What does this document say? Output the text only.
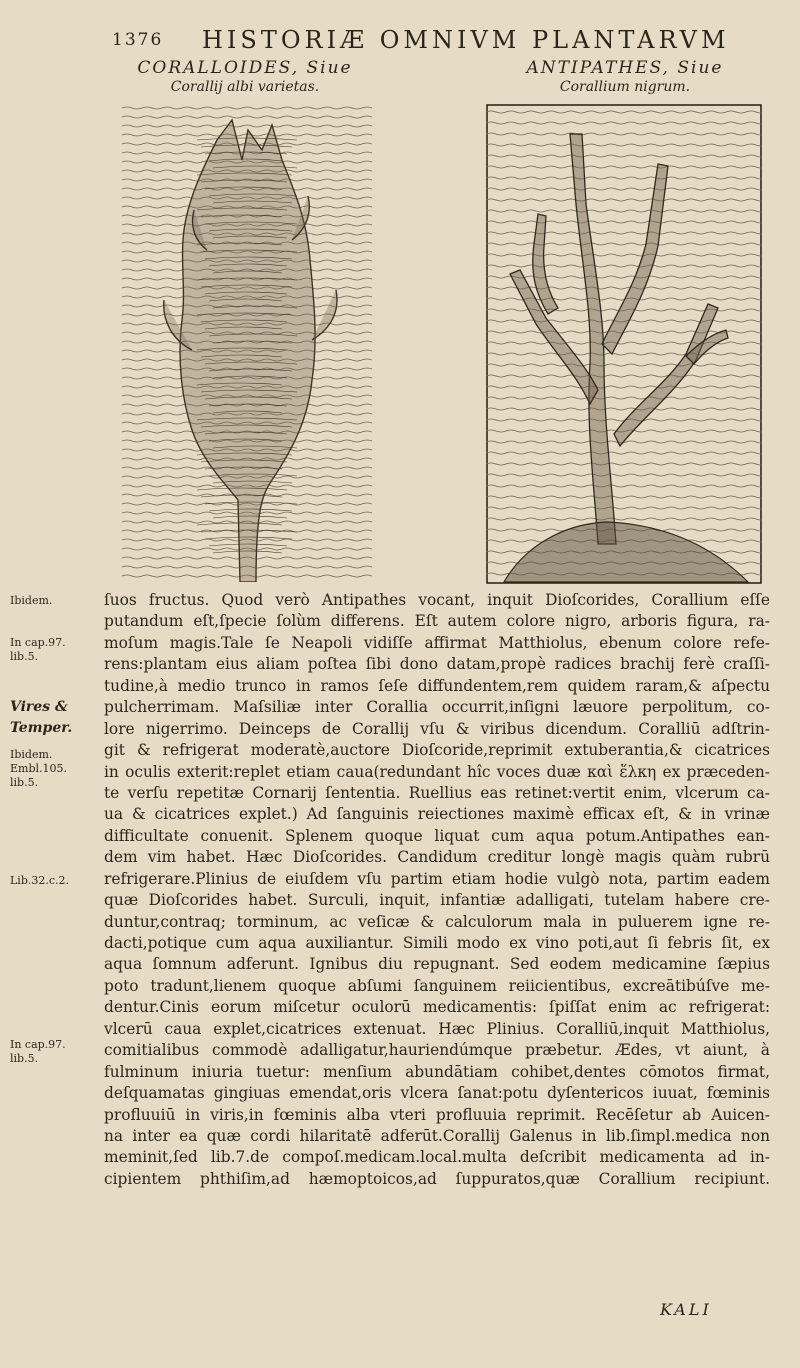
1376 HISTORIÆ OMNIVM PLANTARVM
CORALLOIDES, Siue
Corallij albi varietas.
ANTIPATHES, Siue
Corallium nigrum.
Ibidem.
In cap.97.
lib.5.
Vires &
Temper.
Ibidem.
Embl.105.
lib.5.
Lib.32.c.2.
In cap.97.
lib.5.
ſuos fructus. Quod verò Antipathes vocant, inquit Dioſcorides, Corallium eſſe
putandum eſt,ſpecie ſolùm differens. Eſt autem colore nigro, arboris figura, ra-
moſum magis.Tale ſe Neapoli vidiſſe affirmat Matthiolus, ebenum colore refe-
rens:plantam eius aliam poſtea ſibi dono datam,propè radices brachij ferè craſſi-
tudine,à medio trunco in ramos ſeſe diffundentem,rem quidem raram,& aſpectu
pulcherrimam. Maſsiliæ inter Corallia occurrit,inſigni læuore perpolitum, co-
lore nigerrimo. Deinceps de Corallij vſu & viribus dicendum. Coralliū adſtrin-
git & refrigerat moderatè,auctore Dioſcoride,reprimit extuberantia,& cicatrices
in oculis exterit:replet etiam caua(redundant hîc voces duæ καὶ ἕλκη ex præceden-
te verſu repetitæ Cornarij ſententia. Ruellius eas retinet:vertit enim, vlcerum ca-
ua & cicatrices explet.) Ad ſanguinis reiectiones maximè efficax eſt, & in vrinæ
difficultate conuenit. Splenem quoque liquat cum aqua potum.Antipathes ean-
dem vim habet. Hæc Dioſcorides. Candidum creditur longè magis quàm rubrū
refrigerare.Plinius de eiuſdem vſu partim etiam hodie vulgò nota, partim eadem
quæ Dioſcorides habet. Surculi, inquit, infantiæ adalligati, tutelam habere cre-
duntur,contraq; torminum, ac veſicæ & calculorum mala in puluerem igne re-
dacti,potique cum aqua auxiliantur. Simili modo ex vino poti,aut ſi febris ſit, ex
aqua ſomnum adferunt. Ignibus diu repugnant. Sed eodem medicamine ſæpius
poto tradunt,lienem quoque abſumi ſanguinem reiicientibus, excreātibúſve me-
dentur.Cinis eorum miſcetur oculorū medicamentis: ſpiſſat enim ac refrigerat:
vlcerū caua explet,cicatrices extenuat. Hæc Plinius. Coralliū,inquit Matthiolus,
comitialibus commodè adalligatur,hauriendúmque præbetur. Ædes, vt aiunt, à
fulminum iniuria tuetur: menſium abundātiam cohibet,dentes cōmotos firmat,
deſquamatas gingiuas emendat,oris vlcera ſanat:potu dyſentericos iuuat, fœminis
profluuiū in viris,in fœminis alba vteri profluuia reprimit. Recēſetur ab Auicen-
na inter ea quæ cordi hilaritatē adferūt.Corallij Galenus in lib.ſimpl.medica non
meminit,ſed lib.7.de compoſ.medicam.local.multa deſcribit medicamenta ad in-
cipientem phthiſim,ad hæmoptoicos,ad ſuppuratos,quæ Corallium recipiunt.
KALI
